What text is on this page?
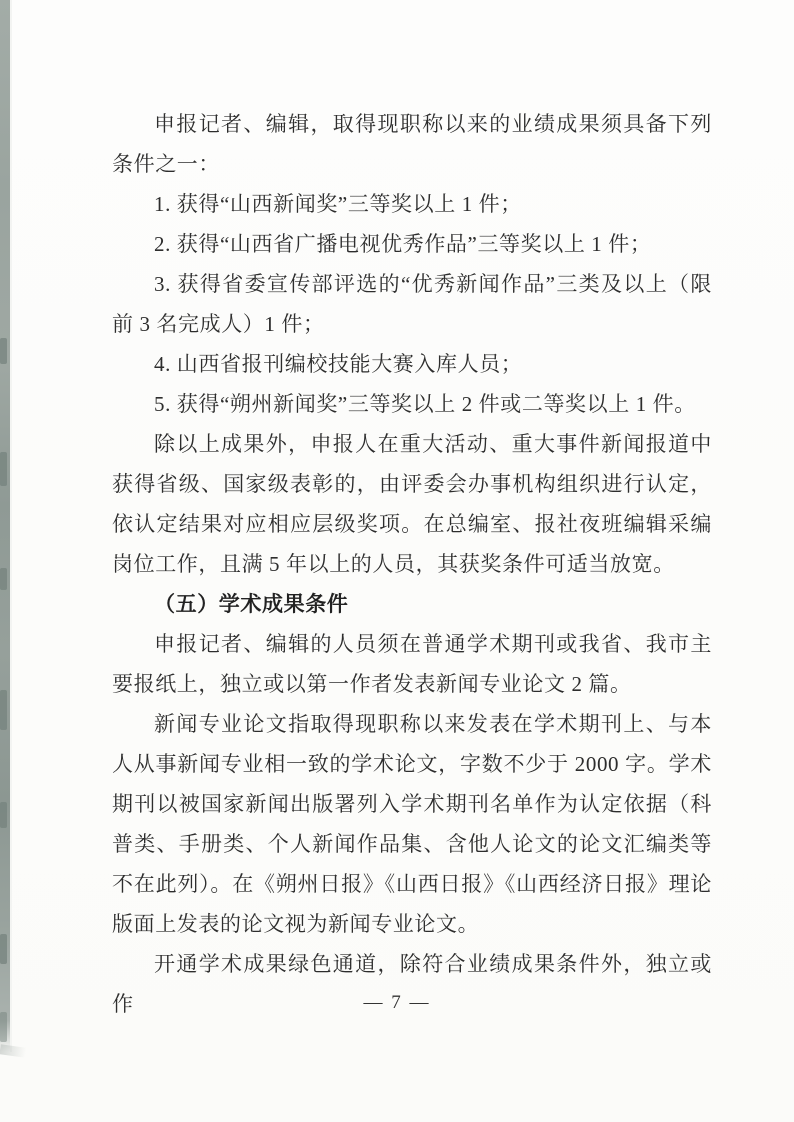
申报记者、编辑，取得现职称以来的业绩成果须具备下列条件之一：

1. 获得“山西新闻奖”三等奖以上 1 件；

2. 获得“山西省广播电视优秀作品”三等奖以上 1 件；

3. 获得省委宣传部评选的“优秀新闻作品”三类及以上（限前 3 名完成人）1 件；

4. 山西省报刊编校技能大赛入库人员；

5. 获得“朔州新闻奖”三等奖以上 2 件或二等奖以上 1 件。

除以上成果外，申报人在重大活动、重大事件新闻报道中获得省级、国家级表彰的，由评委会办事机构组织进行认定，依认定结果对应相应层级奖项。在总编室、报社夜班编辑采编岗位工作，且满 5 年以上的人员，其获奖条件可适当放宽。

（五）学术成果条件

申报记者、编辑的人员须在普通学术期刊或我省、我市主要报纸上，独立或以第一作者发表新闻专业论文 2 篇。

新闻专业论文指取得现职称以来发表在学术期刊上、与本人从事新闻专业相一致的学术论文，字数不少于 2000 字。学术期刊以被国家新闻出版署列入学术期刊名单作为认定依据（科普类、手册类、个人新闻作品集、含他人论文的论文汇编类等不在此列）。在《朔州日报》《山西日报》《山西经济日报》理论版面上发表的论文视为新闻专业论文。

开通学术成果绿色通道，除符合业绩成果条件外，独立或作	— 7 —
